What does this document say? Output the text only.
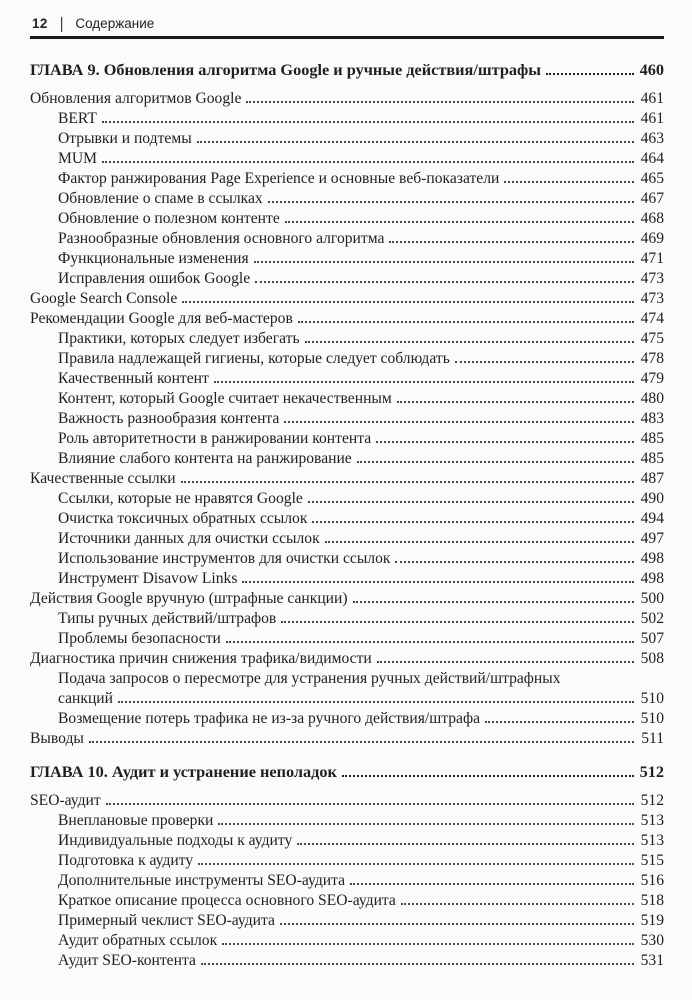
12 | Содержание
ГЛАВА 9. Обновления алгоритма Google и ручные действия/штрафы	460
Обновления алгоритмов Google	461
BERT	461
Отрывки и подтемы	463
MUM	464
Фактор ранжирования Page Experience и основные веб-показатели	465
Обновление о спаме в ссылках	467
Обновление о полезном контенте	468
Разнообразные обновления основного алгоритма	469
Функциональные изменения	471
Исправления ошибок Google	473
Google Search Console	473
Рекомендации Google для веб-мастеров	474
Практики, которых следует избегать	475
Правила надлежащей гигиены, которые следует соблюдать	478
Качественный контент	479
Контент, который Google считает некачественным	480
Важность разнообразия контента	483
Роль авторитетности в ранжировании контента	485
Влияние слабого контента на ранжирование	485
Качественные ссылки	487
Ссылки, которые не нравятся Google	490
Очистка токсичных обратных ссылок	494
Источники данных для очистки ссылок	497
Использование инструментов для очистки ссылок	498
Инструмент Disavow Links	498
Действия Google вручную (штрафные санкции)	500
Типы ручных действий/штрафов	502
Проблемы безопасности	507
Диагностика причин снижения трафика/видимости	508
Подача запросов о пересмотре для устранения ручных действий/штрафных
санкций	510
Возмещение потерь трафика не из-за ручного действия/штрафа	510
Выводы	511
ГЛАВА 10. Аудит и устранение неполадок	512
SEO-аудит	512
Внеплановые проверки	513
Индивидуальные подходы к аудиту	513
Подготовка к аудиту	515
Дополнительные инструменты SEO-аудита	516
Краткое описание процесса основного SEO-аудита	518
Примерный чеклист SEO-аудита	519
Аудит обратных ссылок	530
Аудит SEO-контента	531
